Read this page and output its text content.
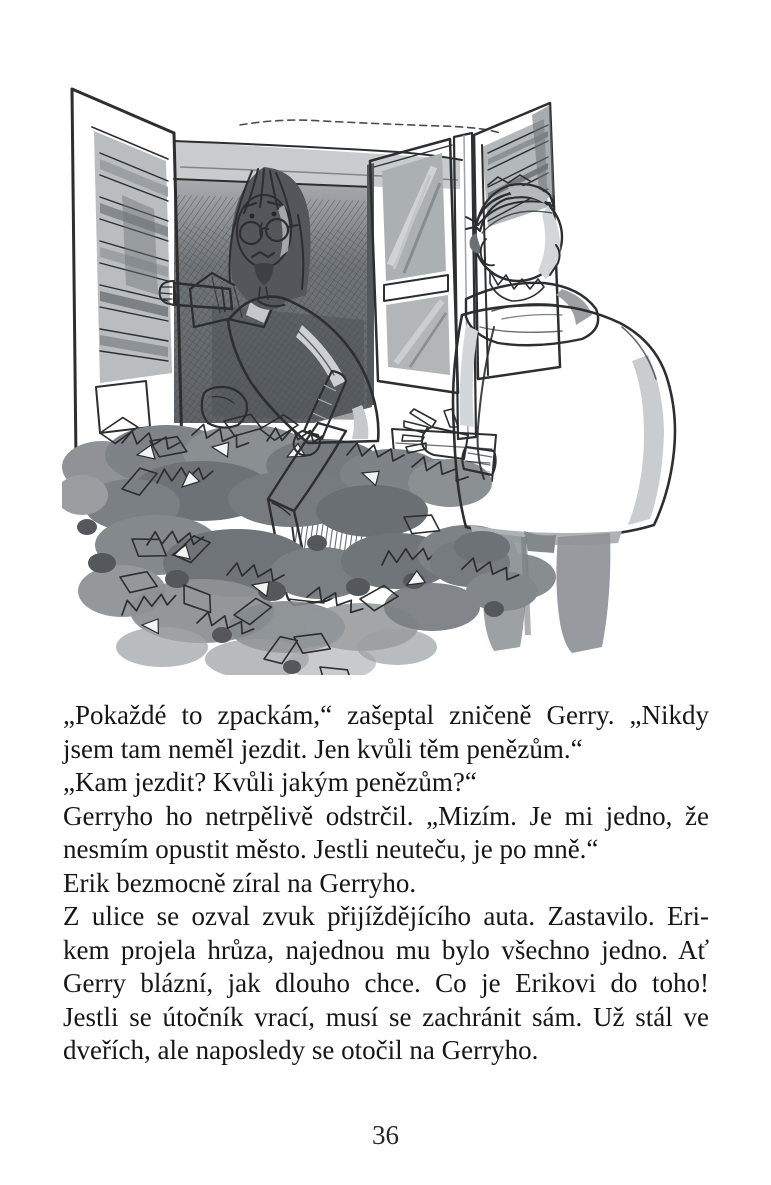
„Pokaždé to zpackám,“ zašeptal zničeně Gerry. „Nikdy

jsem tam neměl jezdit. Jen kvůli těm penězům.“

„Kam jezdit? Kvůli jakým penězům?“

Gerryho ho netrpělivě odstrčil. „Mizím. Je mi jedno, že

nesmím opustit město. Jestli neuteču, je po mně.“

Erik bezmocně zíral na Gerryho.

Z ulice se ozval zvuk přijíždějícího auta. Zastavilo. Eri-

kem projela hrůza, najednou mu bylo všechno jedno. Ať

Gerry blázní, jak dlouho chce. Co je Erikovi do toho!

Jestli se útočník vrací, musí se zachránit sám. Už stál ve

dveřích, ale naposledy se otočil na Gerryho.

36
